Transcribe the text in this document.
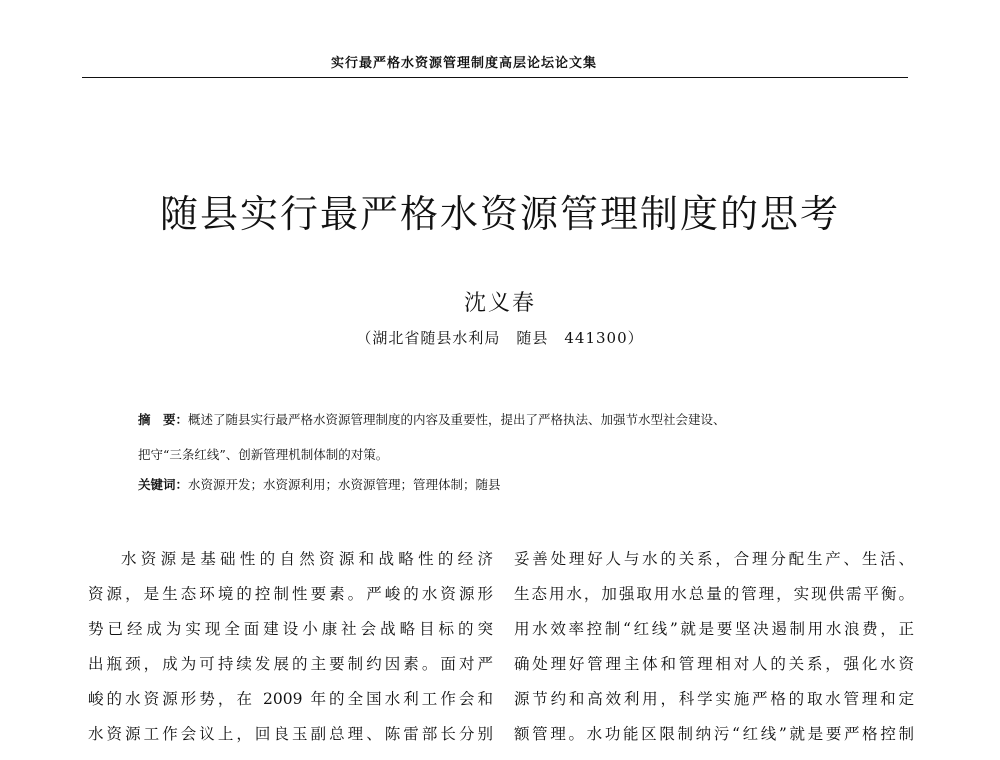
实行最严格水资源管理制度高层论坛论文集
随县实行最严格水资源管理制度的思考
沈义春
（湖北省随县水利局　随县　441300）

摘　要：概述了随县实行最严格水资源管理制度的内容及重要性，提出了严格执法、加强节水型社会建设、

把守“三条红线”、创新管理机制体制的对策。

关键词：水资源开发；水资源利用；水资源管理；管理体制；随县

水资源是基础性的自然资源和战略性的经济

资源，是生态环境的控制性要素。严峻的水资源形

势已经成为实现全面建设小康社会战略目标的突

出瓶颈，成为可持续发展的主要制约因素。面对严

峻的水资源形势，在 2009 年的全国水利工作会和

水资源工作会议上，回良玉副总理、陈雷部长分别

妥善处理好人与水的关系，合理分配生产、生活、

生态用水，加强取用水总量的管理，实现供需平衡。

用水效率控制“红线”就是要坚决遏制用水浪费，正

确处理好管理主体和管理相对人的关系，强化水资

源节约和高效利用，科学实施严格的取水管理和定

额管理。水功能区限制纳污“红线”就是要严格控制
